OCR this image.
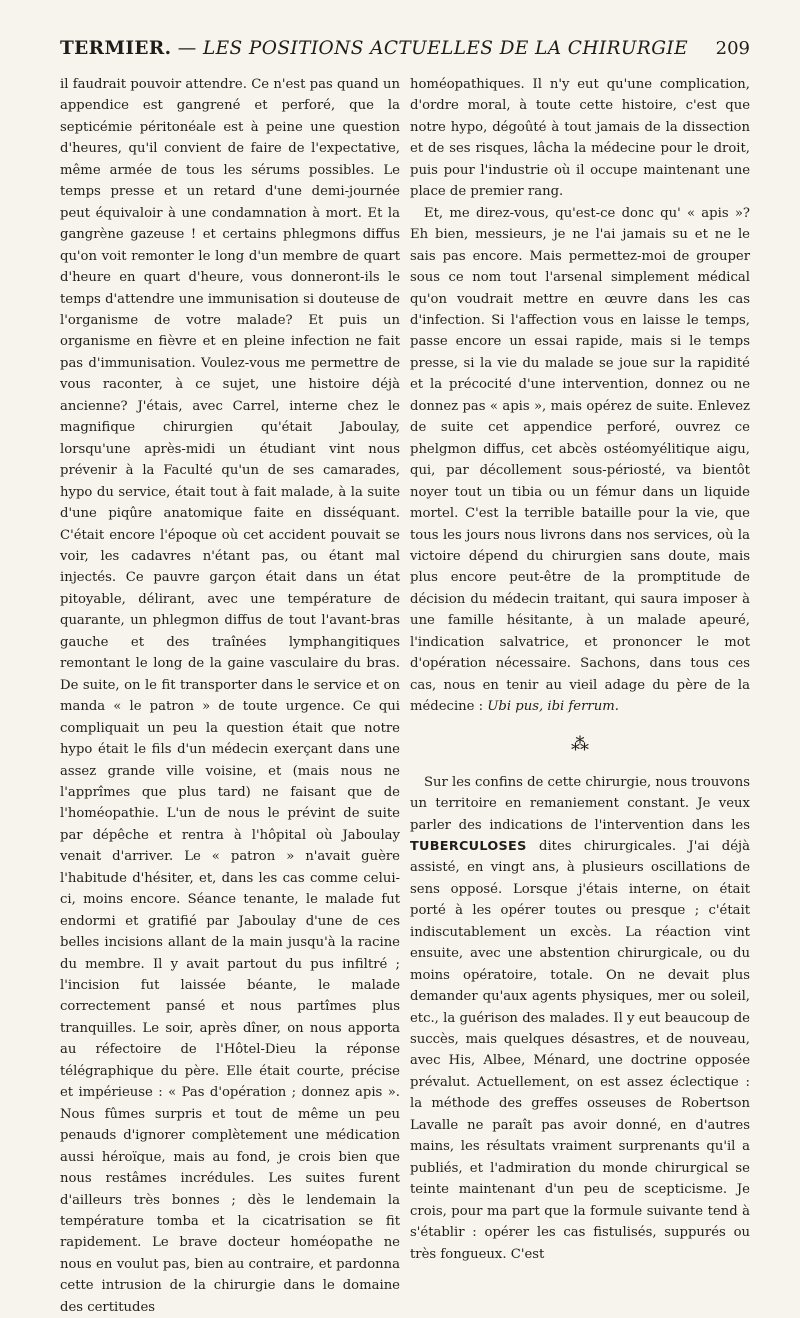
TERMIER. — LES POSITIONS ACTUELLES DE LA CHIRURGIE 209

il faudrait pouvoir attendre. Ce n'est pas quand un appendice est gangrené et perforé, que la septicémie péritonéale est à peine une question d'heures, qu'il convient de faire de l'expectative, même armée de tous les sérums possibles. Le temps presse et un retard d'une demi-journée peut équivaloir à une condamnation à mort. Et la gangrène gazeuse ! et certains phlegmons diffus qu'on voit remonter le long d'un membre de quart d'heure en quart d'heure, vous donneront-ils le temps d'attendre une immunisation si douteuse de l'organisme de votre malade? Et puis un organisme en fièvre et en pleine infection ne fait pas d'immunisation. Voulez-vous me permettre de vous raconter, à ce sujet, une histoire déjà ancienne? J'étais, avec Carrel, interne chez le magnifique chirurgien qu'était Jaboulay, lorsqu'une après-midi un étudiant vint nous prévenir à la Faculté qu'un de ses camarades, hypo du service, était tout à fait malade, à la suite d'une piqûre anatomique faite en disséquant. C'était encore l'époque où cet accident pouvait se voir, les cadavres n'étant pas, ou étant mal injectés. Ce pauvre garçon était dans un état pitoyable, délirant, avec une température de quarante, un phlegmon diffus de tout l'avant-bras gauche et des traînées lymphangitiques remontant le long de la gaine vasculaire du bras. De suite, on le fit transporter dans le service et on manda « le patron » de toute urgence. Ce qui compliquait un peu la question était que notre hypo était le fils d'un médecin exerçant dans une assez grande ville voisine, et (mais nous ne l'apprîmes que plus tard) ne faisant que de l'homéopathie. L'un de nous le prévint de suite par dépêche et rentra à l'hôpital où Jaboulay venait d'arriver. Le « patron » n'avait guère l'habitude d'hésiter, et, dans les cas comme celui-ci, moins encore. Séance tenante, le malade fut endormi et gratifié par Jaboulay d'une de ces belles incisions allant de la main jusqu'à la racine du membre. Il y avait partout du pus infiltré ; l'incision fut laissée béante, le malade correctement pansé et nous partîmes plus tranquilles. Le soir, après dîner, on nous apporta au réfectoire de l'Hôtel-Dieu la réponse télégraphique du père. Elle était courte, précise et impérieuse : « Pas d'opération ; donnez apis ». Nous fûmes surpris et tout de même un peu penauds d'ignorer complètement une médication aussi héroïque, mais au fond, je crois bien que nous restâmes incrédules. Les suites furent d'ailleurs très bonnes ; dès le lendemain la température tomba et la cicatrisation se fit rapidement. Le brave docteur homéopathe ne nous en voulut pas, bien au contraire, et pardonna cette intrusion de la chirurgie dans le domaine des certitudes

homéopathiques. Il n'y eut qu'une complication, d'ordre moral, à toute cette histoire, c'est que notre hypo, dégoûté à tout jamais de la dissection et de ses risques, lâcha la médecine pour le droit, puis pour l'industrie où il occupe maintenant une place de premier rang.

Et, me direz-vous, qu'est-ce donc qu' « apis »? Eh bien, messieurs, je ne l'ai jamais su et ne le sais pas encore. Mais permettez-moi de grouper sous ce nom tout l'arsenal simplement médical qu'on voudrait mettre en œuvre dans les cas d'infection. Si l'affection vous en laisse le temps, passe encore un essai rapide, mais si le temps presse, si la vie du malade se joue sur la rapidité et la précocité d'une intervention, donnez ou ne donnez pas « apis », mais opérez de suite. Enlevez de suite cet appendice perforé, ouvrez ce phelgmon diffus, cet abcès ostéomyélitique aigu, qui, par décollement sous-périosté, va bientôt noyer tout un tibia ou un fémur dans un liquide mortel. C'est la terrible bataille pour la vie, que tous les jours nous livrons dans nos services, où la victoire dépend du chirurgien sans doute, mais plus encore peut-être de la promptitude de décision du médecin traitant, qui saura imposer à une famille hésitante, à un malade apeuré, l'indication salvatrice, et prononcer le mot d'opération nécessaire. Sachons, dans tous ces cas, nous en tenir au vieil adage du père de la médecine : Ubi pus, ibi ferrum.

⁂

Sur les confins de cette chirurgie, nous trouvons un territoire en remaniement constant. Je veux parler des indications de l'intervention dans les TUBERCULOSES dites chirurgicales. J'ai déjà assisté, en vingt ans, à plusieurs oscillations de sens opposé. Lorsque j'étais interne, on était porté à les opérer toutes ou presque ; c'était indiscutablement un excès. La réaction vint ensuite, avec une abstention chirurgicale, ou du moins opératoire, totale. On ne devait plus demander qu'aux agents physiques, mer ou soleil, etc., la guérison des malades. Il y eut beaucoup de succès, mais quelques désastres, et de nouveau, avec His, Albee, Ménard, une doctrine opposée prévalut. Actuellement, on est assez éclectique : la méthode des greffes osseuses de Robertson Lavalle ne paraît pas avoir donné, en d'autres mains, les résultats vraiment surprenants qu'il a publiés, et l'admiration du monde chirurgical se teinte maintenant d'un peu de scepticisme. Je crois, pour ma part que la formule suivante tend à s'établir : opérer les cas fistulisés, suppurés ou très fongueux. C'est
